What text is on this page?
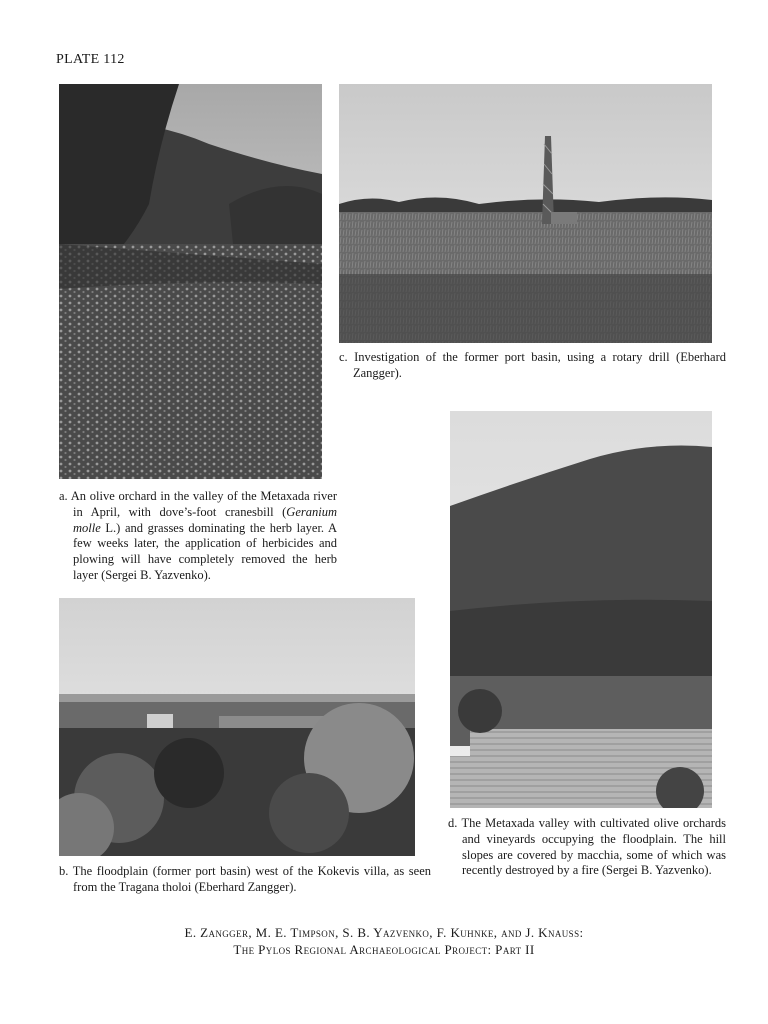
PLATE 112
a. An olive orchard in the valley of the Metaxada river in April, with dove’s-foot cranesbill (Geranium molle L.) and grasses dominating the herb layer. A few weeks later, the application of herbicides and plowing will have completely removed the herb layer (Sergei B. Yazvenko).
c. Investigation of the former port basin, using a rotary drill (Eberhard Zangger).
b. The floodplain (former port basin) west of the Kokevis villa, as seen from the Tragana tholoi (Eberhard Zangger).
d. The Metaxada valley with cultivated olive orchards and vineyards occupying the floodplain. The hill slopes are covered by macchia, some of which was recently destroyed by a fire (Sergei B. Yazvenko).
E. Zangger, M. E. Timpson, S. B. Yazvenko, F. Kuhnke, and J. Knauss:
The Pylos Regional Archaeological Project: Part II
